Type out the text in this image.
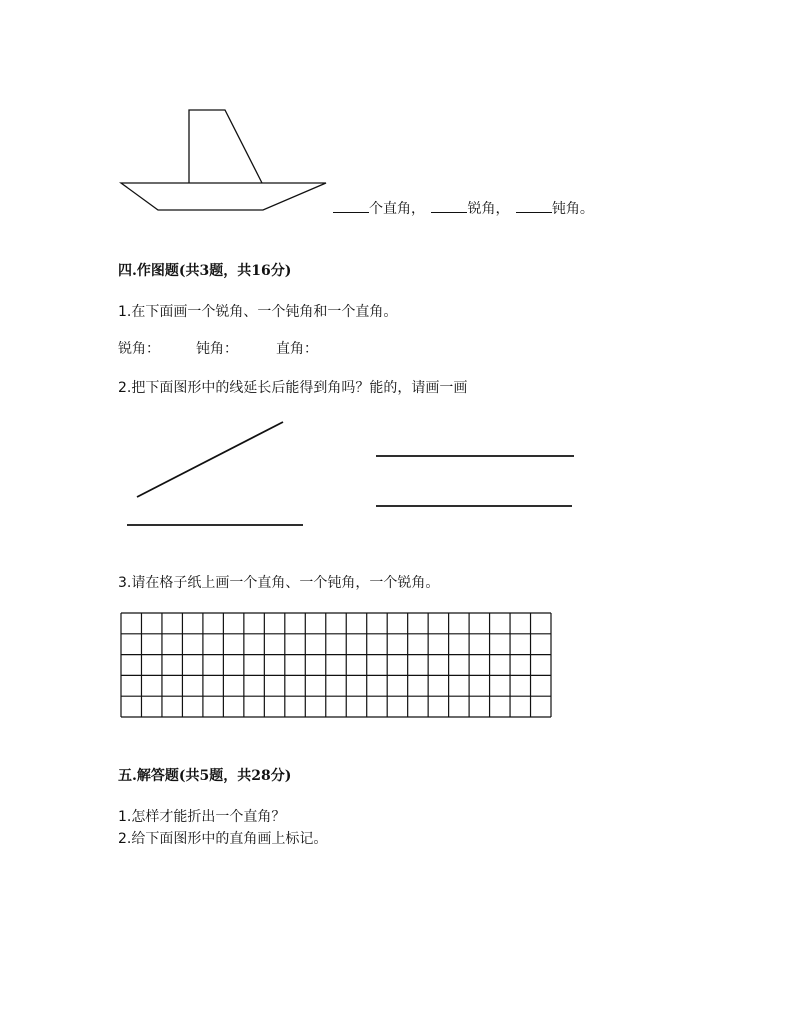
个直角，	锐角，	钝角。
四.作图题(共3题，共16分)
1.在下面画一个锐角、一个钝角和一个直角。
锐角：	钝角：	直角：
2.把下面图形中的线延长后能得到角吗？能的，请画一画
3.请在格子纸上画一个直角、一个钝角，一个锐角。
五.解答题(共5题，共28分)
1.怎样才能折出一个直角？
2.给下面图形中的直角画上标记。
